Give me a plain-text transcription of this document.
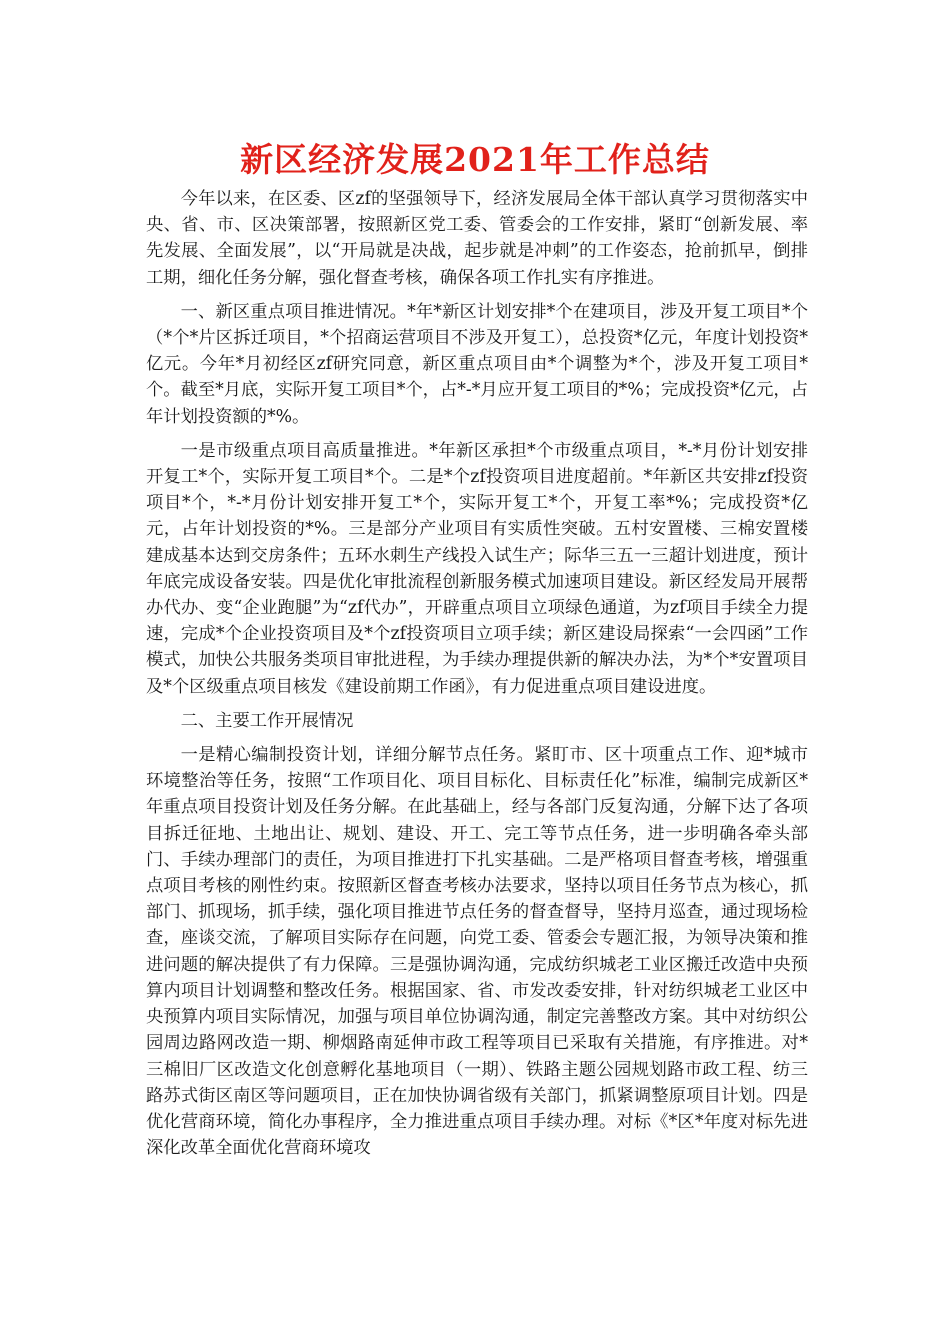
新区经济发展2021年工作总结

今年以来，在区委、区zf的坚强领导下，经济发展局全体干部认真学习贯彻落实中央、省、市、区决策部署，按照新区党工委、管委会的工作安排，紧盯“创新发展、率先发展、全面发展”，以“开局就是决战，起步就是冲刺”的工作姿态，抢前抓早，倒排工期，细化任务分解，强化督查考核，确保各项工作扎实有序推进。

一、新区重点项目推进情况。*年*新区计划安排*个在建项目，涉及开复工项目*个（*个*片区拆迁项目，*个招商运营项目不涉及开复工），总投资*亿元，年度计划投资*亿元。今年*月初经区zf研究同意，新区重点项目由*个调整为*个，涉及开复工项目*个。截至*月底，实际开复工项目*个，占*-*月应开复工项目的*%；完成投资*亿元，占年计划投资额的*%。

一是市级重点项目高质量推进。*年新区承担*个市级重点项目，*-*月份计划安排开复工*个，实际开复工项目*个。二是*个zf投资项目进度超前。*年新区共安排zf投资项目*个，*-*月份计划安排开复工*个，实际开复工*个，开复工率*%；完成投资*亿元，占年计划投资的*%。三是部分产业项目有实质性突破。五村安置楼、三棉安置楼建成基本达到交房条件；五环水刺生产线投入试生产；际华三五一三超计划进度，预计年底完成设备安装。四是优化审批流程创新服务模式加速项目建设。新区经发局开展帮办代办、变“企业跑腿”为“zf代办”，开辟重点项目立项绿色通道，为zf项目手续全力提速，完成*个企业投资项目及*个zf投资项目立项手续；新区建设局探索“一会四函”工作模式，加快公共服务类项目审批进程，为手续办理提供新的解决办法，为*个*安置项目及*个区级重点项目核发《建设前期工作函》，有力促进重点项目建设进度。

二、主要工作开展情况

一是精心编制投资计划，详细分解节点任务。紧盯市、区十项重点工作、迎*城市环境整治等任务，按照“工作项目化、项目目标化、目标责任化”标准，编制完成新区*年重点项目投资计划及任务分解。在此基础上，经与各部门反复沟通，分解下达了各项目拆迁征地、土地出让、规划、建设、开工、完工等节点任务，进一步明确各牵头部门、手续办理部门的责任，为项目推进打下扎实基础。二是严格项目督查考核，增强重点项目考核的刚性约束。按照新区督查考核办法要求，坚持以项目任务节点为核心，抓部门、抓现场，抓手续，强化项目推进节点任务的督查督导，坚持月巡查，通过现场检查，座谈交流，了解项目实际存在问题，向党工委、管委会专题汇报，为领导决策和推进问题的解决提供了有力保障。三是强协调沟通，完成纺织城老工业区搬迁改造中央预算内项目计划调整和整改任务。根据国家、省、市发改委安排，针对纺织城老工业区中央预算内项目实际情况，加强与项目单位协调沟通，制定完善整改方案。其中对纺织公园周边路网改造一期、柳烟路南延伸市政工程等项目已采取有关措施，有序推进。对*三棉旧厂区改造文化创意孵化基地项目（一期）、铁路主题公园规划路市政工程、纺三路苏式街区南区等问题项目，正在加快协调省级有关部门，抓紧调整原项目计划。四是优化营商环境，简化办事程序，全力推进重点项目手续办理。对标《*区*年度对标先进深化改革全面优化营商环境攻
